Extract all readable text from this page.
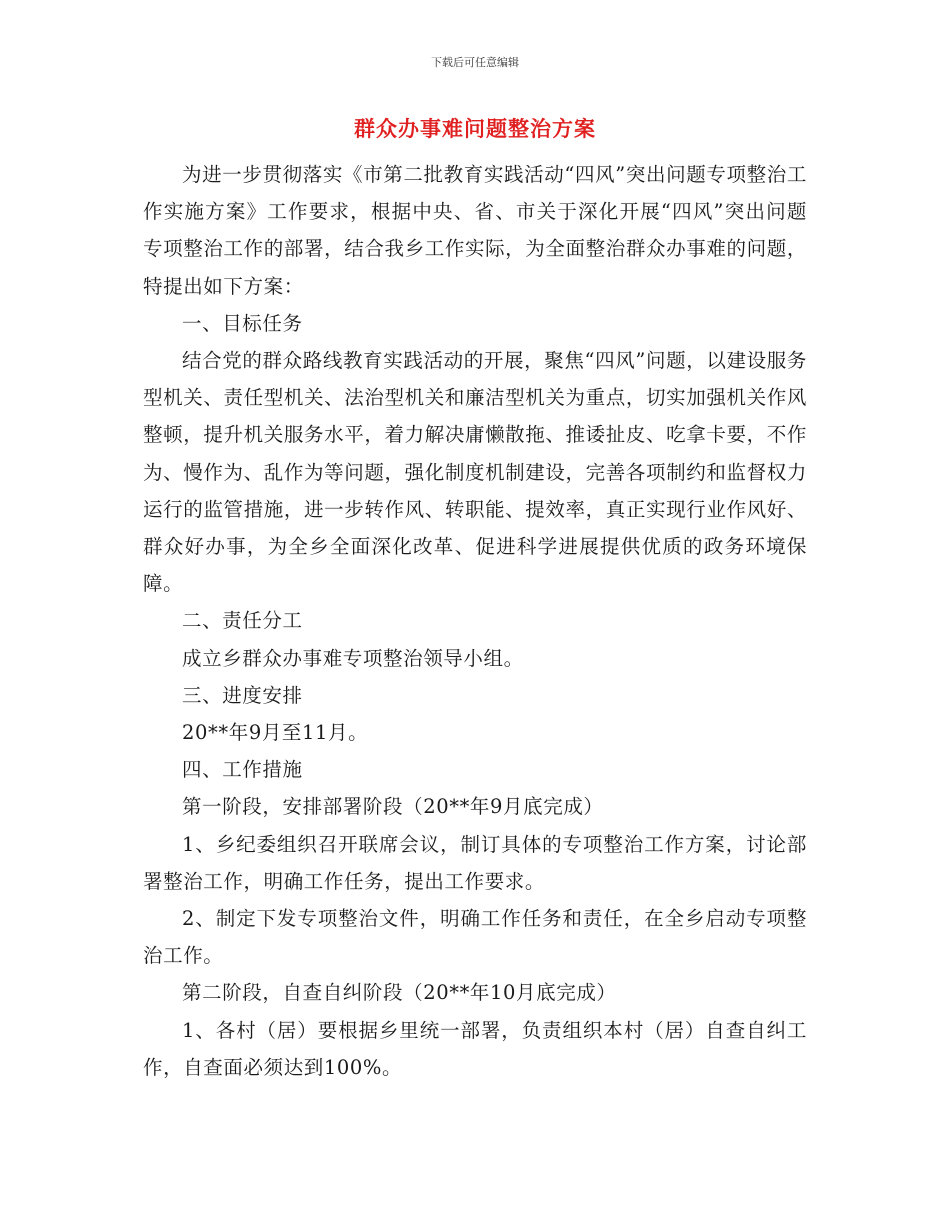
下载后可任意编辑
群众办事难问题整治方案

为进一步贯彻落实《市第二批教育实践活动“四风”突出问题专项整治工作实施方案》工作要求，根据中央、省、市关于深化开展“四风”突出问题专项整治工作的部署，结合我乡工作实际，为全面整治群众办事难的问题，特提出如下方案：

一、目标任务

结合党的群众路线教育实践活动的开展，聚焦“四风”问题，以建设服务型机关、责任型机关、法治型机关和廉洁型机关为重点，切实加强机关作风整顿，提升机关服务水平，着力解决庸懒散拖、推诿扯皮、吃拿卡要，不作为、慢作为、乱作为等问题，强化制度机制建设，完善各项制约和监督权力运行的监管措施，进一步转作风、转职能、提效率，真正实现行业作风好、群众好办事，为全乡全面深化改革、促进科学进展提供优质的政务环境保障。

二、责任分工

成立乡群众办事难专项整治领导小组。

三、进度安排

20**年9月至11月。

四、工作措施

第一阶段，安排部署阶段（20**年9月底完成）

1、乡纪委组织召开联席会议，制订具体的专项整治工作方案，讨论部署整治工作，明确工作任务，提出工作要求。

2、制定下发专项整治文件，明确工作任务和责任，在全乡启动专项整治工作。

第二阶段，自查自纠阶段（20**年10月底完成）

1、各村（居）要根据乡里统一部署，负责组织本村（居）自查自纠工作，自查面必须达到100%。
